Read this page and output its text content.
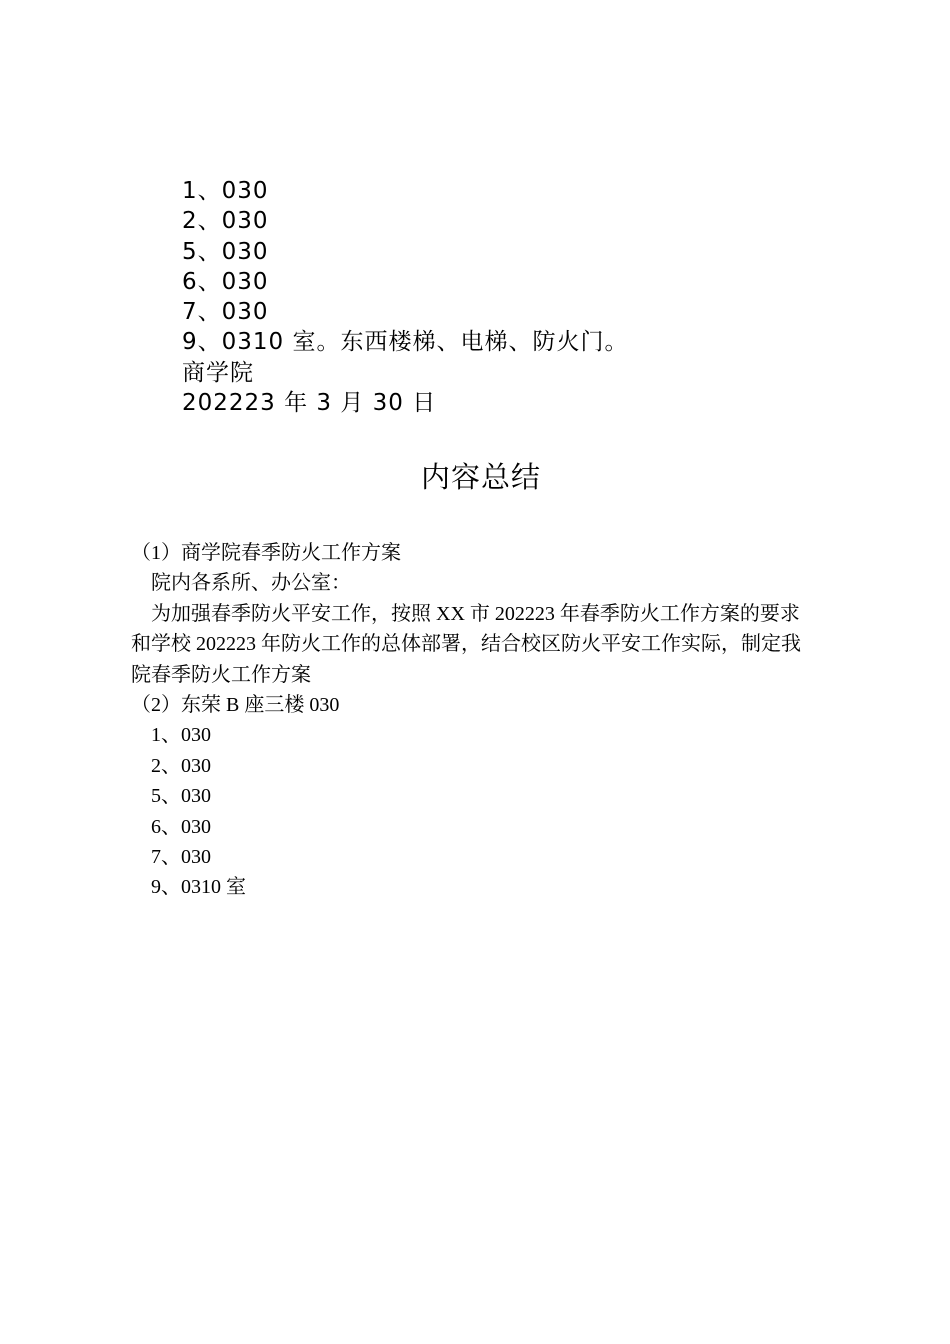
1、030
2、030
5、030
6、030
7、030
9、0310 室。东西楼梯、电梯、防火门。
商学院
202223 年 3 月 30 日
内容总结
（1）商学院春季防火工作方案
院内各系所、办公室：
为加强春季防火平安工作，按照 XX 市 202223 年春季防火工作方案的要求
和学校 202223 年防火工作的总体部署，结合校区防火平安工作实际，制定我
院春季防火工作方案
（2）东荣 B 座三楼 030
1、030
2、030
5、030
6、030
7、030
9、0310 室
